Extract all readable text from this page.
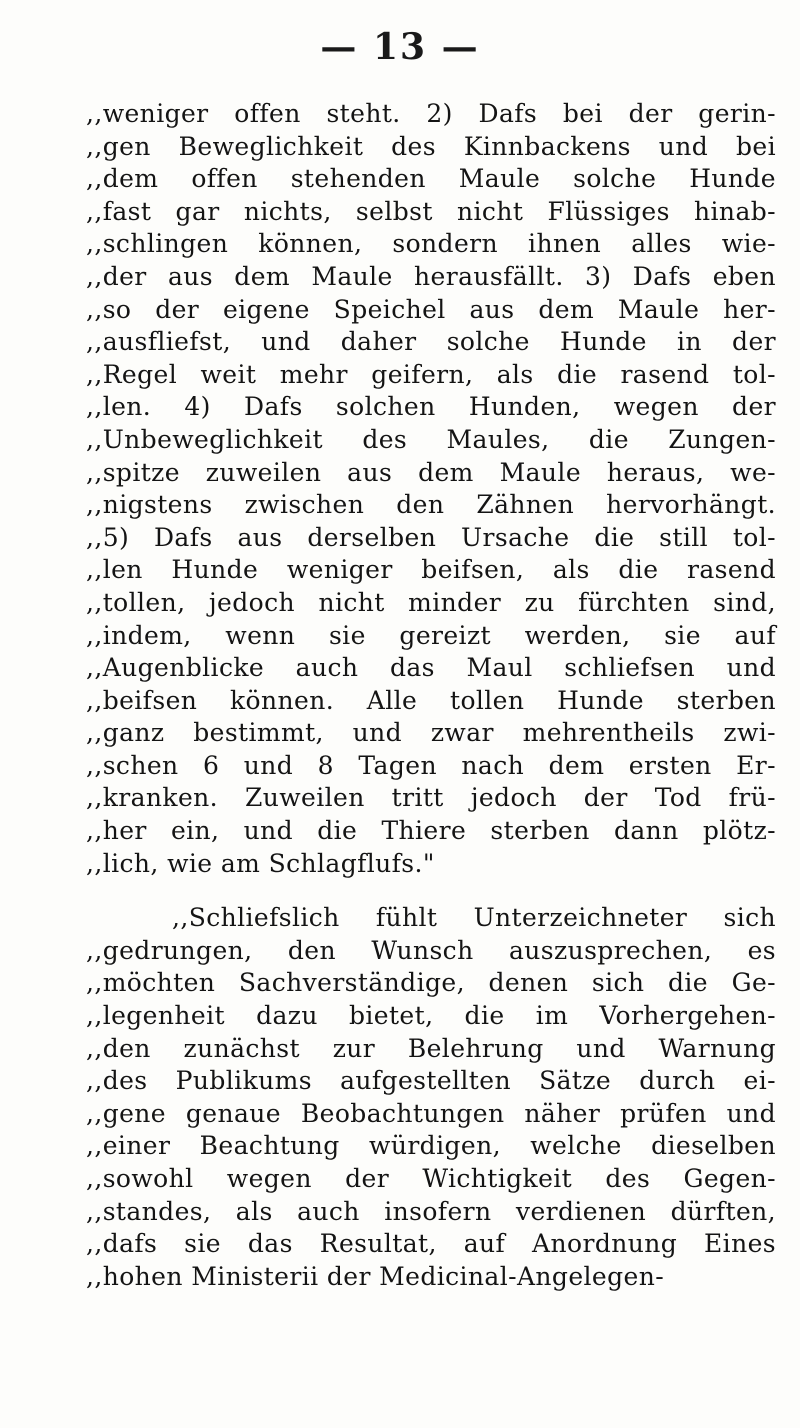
— 13 —
,,weniger offen steht. 2) Dafs bei der gerin-
,,gen Beweglichkeit des Kinnbackens und bei
,,dem offen stehenden Maule solche Hunde
,,fast gar nichts, selbst nicht Flüssiges hinab-
,,schlingen können, sondern ihnen alles wie-
,,der aus dem Maule herausfällt. 3) Dafs eben
,,so der eigene Speichel aus dem Maule her-
,,ausfliefst, und daher solche Hunde in der
,,Regel weit mehr geifern, als die rasend tol-
,,len. 4) Dafs solchen Hunden, wegen der
,,Unbeweglichkeit des Maules, die Zungen-
,,spitze zuweilen aus dem Maule heraus, we-
,,nigstens zwischen den Zähnen hervorhängt.
,,5) Dafs aus derselben Ursache die still tol-
,,len Hunde weniger beifsen, als die rasend
,,tollen, jedoch nicht minder zu fürchten sind,
,,indem, wenn sie gereizt werden, sie auf
,,Augenblicke auch das Maul schliefsen und
,,beifsen können. Alle tollen Hunde sterben
,,ganz bestimmt, und zwar mehrentheils zwi-
,,schen 6 und 8 Tagen nach dem ersten Er-
,,kranken. Zuweilen tritt jedoch der Tod frü-
,,her ein, und die Thiere sterben dann plötz-
,,lich, wie am Schlagflufs."
,,Schliefslich fühlt Unterzeichneter sich
,,gedrungen, den Wunsch auszusprechen, es
,,möchten Sachverständige, denen sich die Ge-
,,legenheit dazu bietet, die im Vorhergehen-
,,den zunächst zur Belehrung und Warnung
,,des Publikums aufgestellten Sätze durch ei-
,,gene genaue Beobachtungen näher prüfen und
,,einer Beachtung würdigen, welche dieselben
,,sowohl wegen der Wichtigkeit des Gegen-
,,standes, als auch insofern verdienen dürften,
,,dafs sie das Resultat, auf Anordnung Eines
,,hohen Ministerii der Medicinal-Angelegen-
